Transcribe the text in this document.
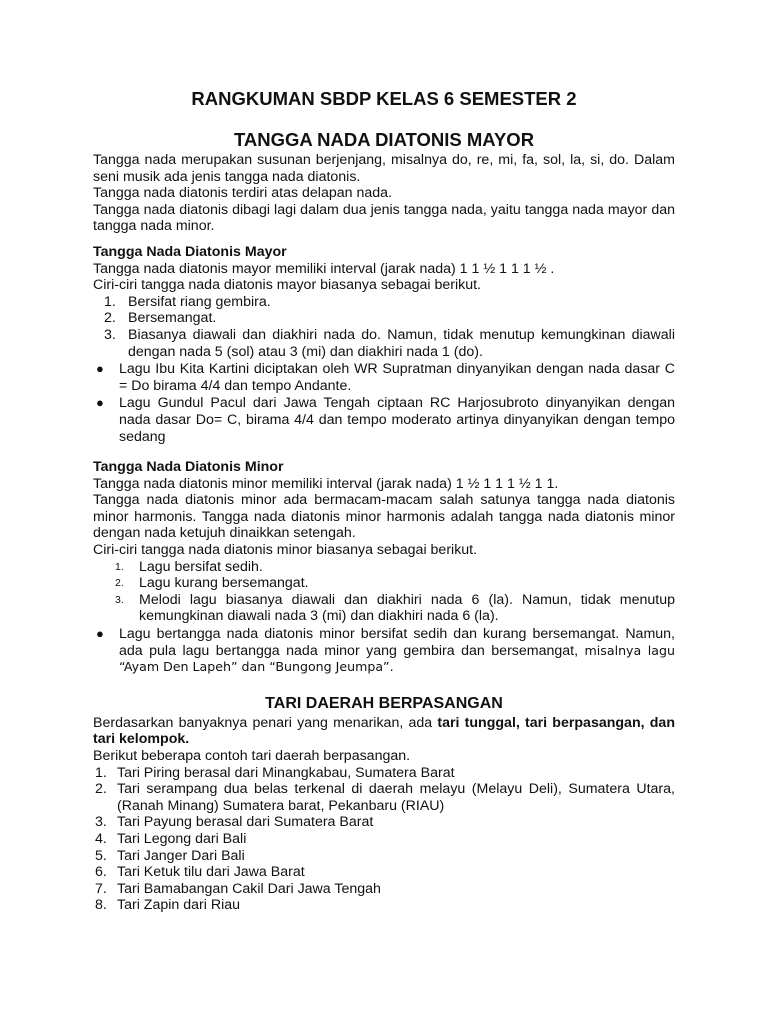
RANGKUMAN SBDP KELAS 6 SEMESTER 2
TANGGA NADA DIATONIS MAYOR

Tangga nada merupakan susunan berjenjang, misalnya do, re, mi, fa, sol, la, si, do. Dalam seni musik ada jenis tangga nada diatonis.

Tangga nada diatonis terdiri atas delapan nada.

Tangga nada diatonis dibagi lagi dalam dua jenis tangga nada, yaitu tangga nada mayor dan tangga nada minor.

Tangga Nada Diatonis Mayor

Tangga nada diatonis mayor memiliki interval (jarak nada) 1 1 ½ 1 1 1 ½ .

Ciri-ciri tangga nada diatonis mayor biasanya sebagai berikut.

1. Bersifat riang gembira.
2. Bersemangat.
3. Biasanya diawali dan diakhiri nada do. Namun, tidak menutup kemungkinan diawali dengan nada 5 (sol) atau 3 (mi) dan diakhiri nada 1 (do).
● Lagu Ibu Kita Kartini diciptakan oleh WR Supratman dinyanyikan dengan nada dasar C = Do birama 4/4 dan tempo Andante.
● Lagu Gundul Pacul dari Jawa Tengah ciptaan RC Harjosubroto dinyanyikan dengan nada dasar Do= C, birama 4/4 dan tempo moderato artinya dinyanyikan dengan tempo sedang

Tangga Nada Diatonis Minor

Tangga nada diatonis minor memiliki interval (jarak nada) 1 ½ 1 1 1 ½ 1 1.

Tangga nada diatonis minor ada bermacam-macam salah satunya tangga nada diatonis minor harmonis. Tangga nada diatonis minor harmonis adalah tangga nada diatonis minor dengan nada ketujuh dinaikkan setengah.

Ciri-ciri tangga nada diatonis minor biasanya sebagai berikut.

1. Lagu bersifat sedih.
2. Lagu kurang bersemangat.
3. Melodi lagu biasanya diawali dan diakhiri nada 6 (la). Namun, tidak menutup kemungkinan diawali nada 3 (mi) dan diakhiri nada 6 (la).
● Lagu bertangga nada diatonis minor bersifat sedih dan kurang bersemangat. Namun, ada pula lagu bertangga nada minor yang gembira dan bersemangat, misalnya lagu “Ayam Den Lapeh” dan “Bungong Jeumpa”.
TARI DAERAH BERPASANGAN

Berdasarkan banyaknya penari yang menarikan, ada tari tunggal, tari berpasangan, dan tari kelompok.

Berikut beberapa contoh tari daerah berpasangan.

1. Tari Piring berasal dari Minangkabau, Sumatera Barat
2. Tari serampang dua belas terkenal di daerah melayu (Melayu Deli), Sumatera Utara, (Ranah Minang) Sumatera barat, Pekanbaru (RIAU)
3. Tari Payung berasal dari Sumatera Barat
4. Tari Legong dari Bali
5. Tari Janger Dari Bali
6. Tari Ketuk tilu dari Jawa Barat
7. Tari Bamabangan Cakil Dari Jawa Tengah
8. Tari Zapin dari Riau
